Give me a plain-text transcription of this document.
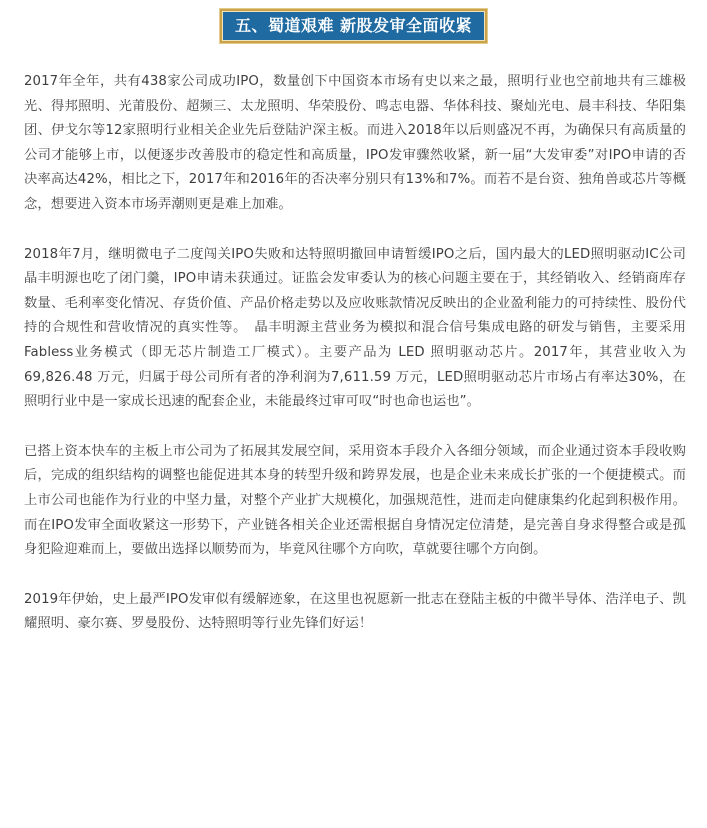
五、蜀道艰难 新股发审全面收紧

2017年全年，共有438家公司成功IPO，数量创下中国资本市场有史以来之最，照明行业也空前地共有三雄极光、得邦照明、光莆股份、超频三、太龙照明、华荣股份、鸣志电器、华体科技、聚灿光电、晨丰科技、华阳集团、伊戈尔等12家照明行业相关企业先后登陆沪深主板。而进入2018年以后则盛况不再，为确保只有高质量的公司才能够上市，以便逐步改善股市的稳定性和高质量，IPO发审骤然收紧，新一届“大发审委”对IPO申请的否决率高达42%，相比之下，2017年和2016年的否决率分别只有13%和7%。而若不是台资、独角兽或芯片等概念，想要进入资本市场弄潮则更是难上加难。

2018年7月，继明微电子二度闯关IPO失败和达特照明撤回申请暂缓IPO之后，国内最大的LED照明驱动IC公司晶丰明源也吃了闭门羹，IPO申请未获通过。证监会发审委认为的核心问题主要在于，其经销收入、经销商库存数量、毛利率变化情况、存货价值、产品价格走势以及应收账款情况反映出的企业盈利能力的可持续性、股份代持的合规性和营收情况的真实性等。　晶丰明源主营业务为模拟和混合信号集成电路的研发与销售，主要采用Fabless业务模式（即无芯片制造工厂模式）。主要产品为 LED 照明驱动芯片。2017年，其营业收入为69,826.48 万元，归属于母公司所有者的净利润为7,611.59 万元，LED照明驱动芯片市场占有率达30%，在照明行业中是一家成长迅速的配套企业，未能最终过审可叹“时也命也运也”。

已搭上资本快车的主板上市公司为了拓展其发展空间，采用资本手段介入各细分领域，而企业通过资本手段收购后，完成的组织结构的调整也能促进其本身的转型升级和跨界发展，也是企业未来成长扩张的一个便捷模式。而上市公司也能作为行业的中坚力量，对整个产业扩大规模化，加强规范性，进而走向健康集约化起到积极作用。而在IPO发审全面收紧这一形势下，产业链各相关企业还需根据自身情况定位清楚，是完善自身求得整合或是孤身犯险迎难而上，要做出选择以顺势而为，毕竟风往哪个方向吹，草就要往哪个方向倒。

2019年伊始，史上最严IPO发审似有缓解迹象，在这里也祝愿新一批志在登陆主板的中微半导体、浩洋电子、凯耀照明、豪尔赛、罗曼股份、达特照明等行业先锋们好运！
